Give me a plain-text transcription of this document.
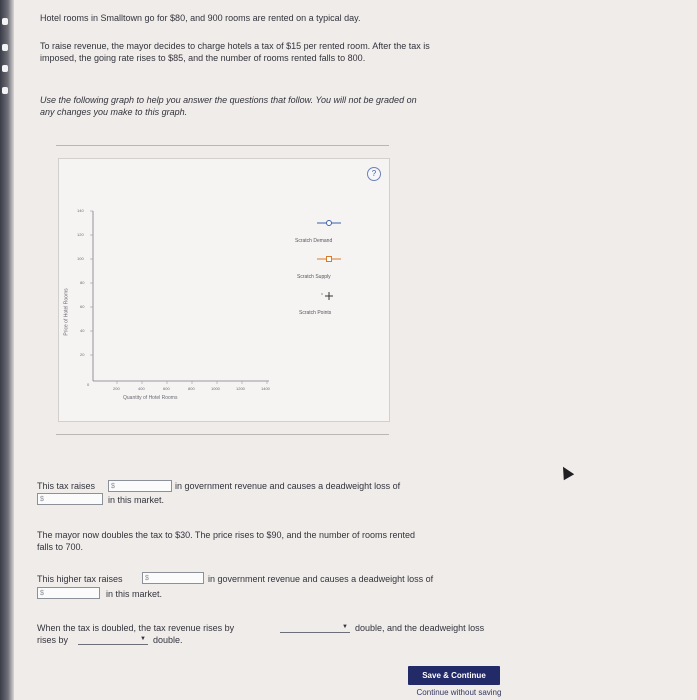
Hotel rooms in Smalltown go for $80, and 900 rooms are rented on a typical day.
To raise revenue, the mayor decides to charge hotels a tax of $15 per rented room. After the tax is
imposed, the going rate rises to $85, and the number of rooms rented falls to 800.
Use the following graph to help you answer the questions that follow. You will not be graded on
any changes you make to this graph.
?
140
120
100
80
60
40
20
0
200	400	600	800	1000	1200	1400
Quantity of Hotel Rooms
Price of Hotel Rooms
Scratch Demand
Scratch Supply
Scratch Points
This tax raises	$	in government revenue and causes a deadweight loss of
$	in this market.
The mayor now doubles the tax to $30. The price rises to $90, and the number of rooms rented
falls to 700.
This higher tax raises	$	in government revenue and causes a deadweight loss of
$	in this market.
When the tax is doubled, the tax revenue rises by	▼ double, and the deadweight loss
rises by	▼ double.
Save & Continue
Continue without saving
